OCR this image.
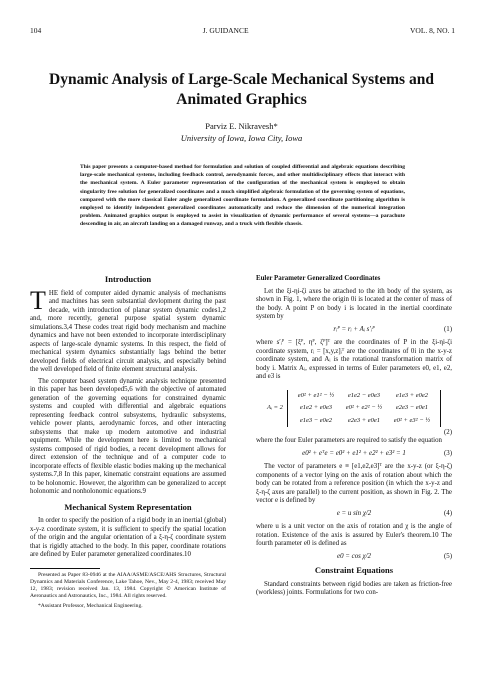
104	J. GUIDANCE	VOL. 8, NO. 1
Dynamic Analysis of Large-Scale Mechanical Systems and Animated Graphics
Parviz E. Nikravesh*
University of Iowa, Iowa City, Iowa
This paper presents a computer-based method for formulation and solution of coupled differential and algebraic equations describing large-scale mechanical systems, including feedback control, aerodynamic forces, and other multidisciplinary effects that interact with the mechanical system. A Euler parameter representation of the configuration of the mechanical system is employed to obtain singularity free solution for generalized coordinates and a much simplified algebraic formulation of the governing system of equations, compared with the more classical Euler angle generalized coordinate formulation. A generalized coordinate partitioning algorithm is employed to identify independent generalized coordinates automatically and reduce the dimension of the numerical integration problem. Animated graphics output is employed to assist in visualization of dynamic performance of several systems—a parachute descending in air, an aircraft landing on a damaged runway, and a truck with flexible chassis.
Introduction

T HE field of computer aided dynamic analysis of mechanisms and machines has seen substantial devlopment during the past decade, with introduction of planar system dynamic codes1,2 and, more recently, general purpose spatial system dynamic simulations.3,4 These codes treat rigid body mechanism and machine dynamics and have not been extended to incorporate interdisciplinary aspects of large-scale dynamic systems. In this respect, the field of mechanical system dynamics substantially lags behind the better developed fields of electrical circuit analysis, and especially behind the well developed field of finite element structural analysis.

The computer based system dynamic analysis technique presented in this paper has been developed5,6 with the objective of automated generation of the governing equations for constrained dynamic systems and coupled with differential and algebraic equations representing feedback control subsystems, hydraulic subsystems, vehicle power plants, aerodynamic forces, and other interacting subsystems that make up modern automotive and industrial equipment. While the development here is limited to mechanical systems composed of rigid bodies, a recent development allows for direct extension of the technique and of a computer code to incorporate effects of flexible elastic bodies making up the mechanical systems.7,8 In this paper, kinematic constraint equations are assumed to be holonomic. However, the algorithm can be generalized to accept holonomic and nonholonomic equations.9

Mechanical System Representation

In order to specify the position of a rigid body in an inertial (global) x-y-z coordinate system, it is sufficient to specify the spatial location of the origin and the angular orientation of a ξ-η-ζ coordinate system that is rigidly attached to the body. In this paper, coordinate rotations are defined by Euler parameter generalized coordinates.10

Presented as Paper 83-0946 at the AIAA/ASME/ASCE/AHS Structures, Structural Dynamics and Materials Conference, Lake Tahoe, Nev., May 2-4, 1983; received May 12, 1983; revision received Jan. 13, 1984. Copyright © American Institute of Aeronautics and Astronautics, Inc., 1984. All rights reserved.

*Assistant Professor, Mechanical Engineering.

Euler Parameter Generalized Coordinates

Let the ξi-ηi-ζi axes be attached to the ith body of the system, as shown in Fig. 1, where the origin 0i is located at the center of mass of the body. A point P on body i is located in the inertial coordinate system by

rᵢᴾ = rᵢ + Aᵢ s′ᵢᴾ	(1)

where s′ᵢᴾ = [ξᴾ, ηᴾ, ζᴾ]ᵀ are the coordinates of P in the ξi-ηi-ζi coordinate system, rᵢ = [x,y,z]ᵢᵀ are the coordinates of 0i in the x-y-z coordinate system, and Aᵢ is the rotational transformation matrix of body i. Matrix Aᵢ, expressed in terms of Euler parameters e0, e1, e2, and e3 is

Aᵢ = 2
e0² + e1² − ½	e1e2 − e0e3	e1e3 + e0e2
e1e2 + e0e3	e0² + e2² − ½	e2e3 − e0e1
e1e3 − e0e2	e2e3 + e0e1	e0² + e3² − ½
(2)

where the four Euler parameters are required to satisfy the equation

e0² + eᵀe = e0² + e1² + e2² + e3² = 1	(3)

The vector of parameters e ≡ [e1,e2,e3]ᵀ are the x-y-z (or ξ-η-ζ) components of a vector lying on the axis of rotation about which the body can be rotated from a reference position (in which the x-y-z and ξ-η-ζ axes are parallel) to the current position, as shown in Fig. 2. The vector e is defined by

e = u sin χ/2	(4)

where u is a unit vector on the axis of rotation and χ is the angle of rotation. Existence of the axis is assured by Euler's theorem.10 The fourth parameter e0 is defined as

e0 = cos χ/2	(5)
Constraint Equations

Standard constraints between rigid bodies are taken as friction-free (workless) joints. Formulations for two con-
